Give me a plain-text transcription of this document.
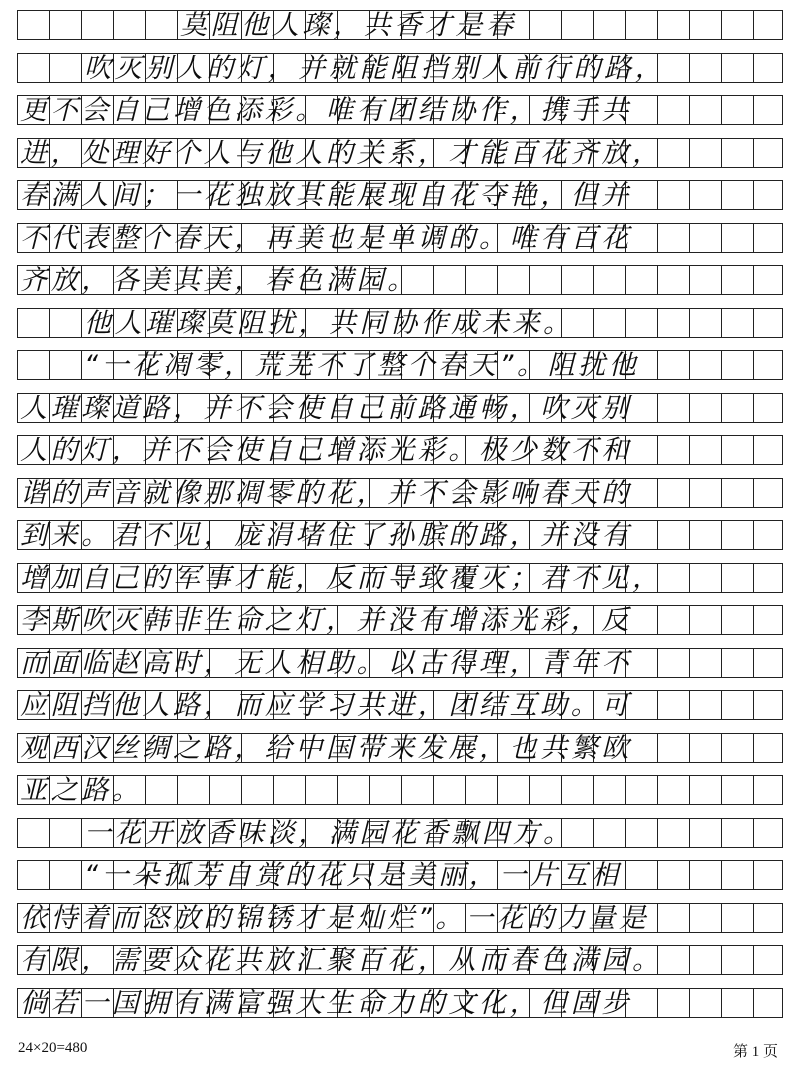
莫阻他人璨，共香才是春
吹灭别人的灯，并就能阻挡别人前行的路，
更不会自己增色添彩。唯有团结协作，携手共
进，处理好个人与他人的关系，才能百花齐放，
春满人间；一花独放其能展现自花夺艳，但并
不代表整个春天，再美也是单调的。唯有百花
齐放，各美其美，春色满园。
他人璀璨莫阻扰，共同协作成未来。
“一花凋零，荒芜不了整个春天”。阻扰他
人璀璨道路，并不会使自己前路通畅，吹灭别
人的灯，并不会使自己增添光彩。极少数不和
谐的声音就像那凋零的花，并不会影响春天的
到来。君不见，庞涓堵住了孙膑的路，并没有
增加自己的军事才能，反而导致覆灭；君不见，
李斯吹灭韩非生命之灯，并没有增添光彩，反
而面临赵高时，无人相助。以古得理，青年不
应阻挡他人路，而应学习共进，团结互助。可
观西汉丝绸之路，给中国带来发展，也共繁欧
亚之路。
一花开放香味淡，满园花香飘四方。
“一朵孤芳自赏的花只是美丽，一片互相
依恃着而怒放的锦锈才是灿烂”。一花的力量是
有限，需要众花共放汇聚百花，从而春色满园。
倘若一国拥有满富强大生命力的文化，但固步
24×20=480	第 1 页
